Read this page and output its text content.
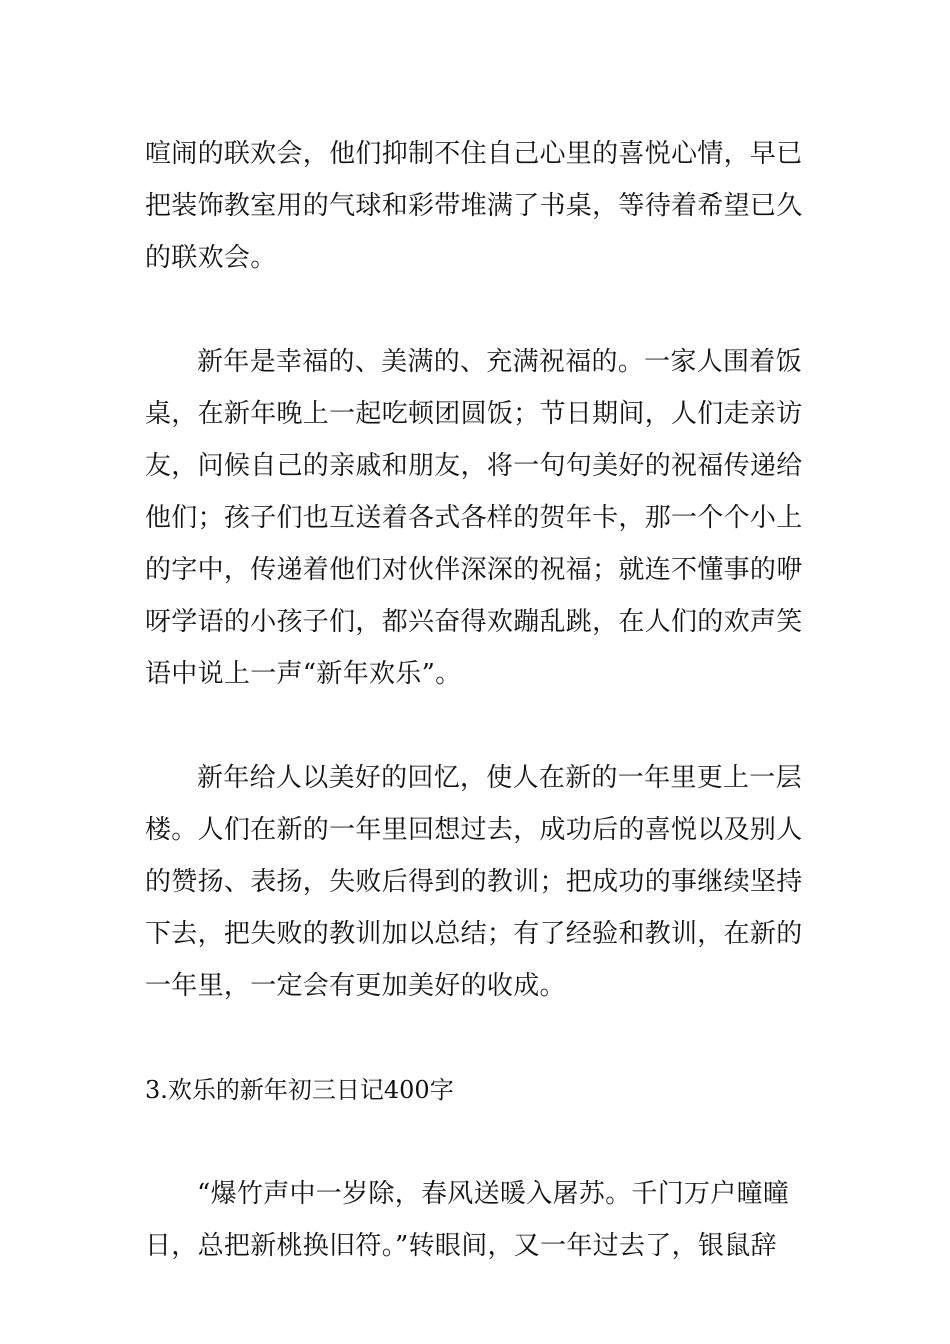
喧闹的联欢会，他们抑制不住自己心里的喜悦心情，早已
把装饰教室用的气球和彩带堆满了书桌，等待着希望已久
的联欢会。
新年是幸福的、美满的、充满祝福的。一家人围着饭
桌，在新年晚上一起吃顿团圆饭；节日期间，人们走亲访
友，问候自己的亲戚和朋友，将一句句美好的祝福传递给
他们；孩子们也互送着各式各样的贺年卡，那一个个小上
的字中，传递着他们对伙伴深深的祝福；就连不懂事的咿
呀学语的小孩子们，都兴奋得欢蹦乱跳，在人们的欢声笑
语中说上一声“新年欢乐”。
新年给人以美好的回忆，使人在新的一年里更上一层
楼。人们在新的一年里回想过去，成功后的喜悦以及别人
的赞扬、表扬，失败后得到的教训；把成功的事继续坚持
下去，把失败的教训加以总结；有了经验和教训，在新的
一年里，一定会有更加美好的收成。
3.欢乐的新年初三日记400字
“爆竹声中一岁除，春风送暖入屠苏。千门万户曈曈
日，总把新桃换旧符。”转眼间，又一年过去了，银鼠辞
